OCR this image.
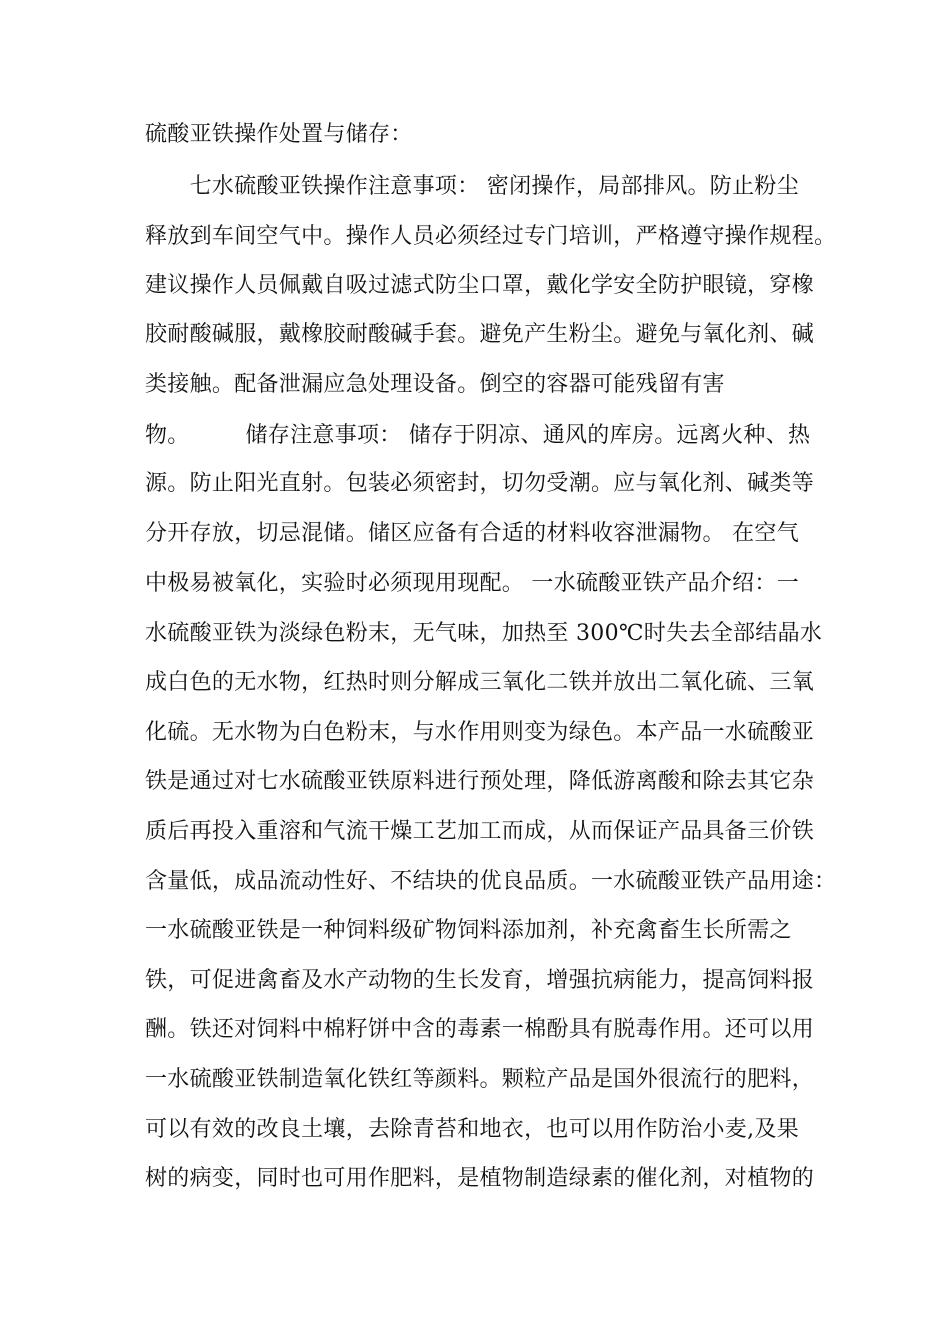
硫酸亚铁操作处置与储存：
　　七水硫酸亚铁操作注意事项： 密闭操作，局部排风。防止粉尘
释放到车间空气中。操作人员必须经过专门培训，严格遵守操作规程。
建议操作人员佩戴自吸过滤式防尘口罩，戴化学安全防护眼镜，穿橡
胶耐酸碱服，戴橡胶耐酸碱手套。避免产生粉尘。避免与氧化剂、碱
类接触。配备泄漏应急处理设备。倒空的容器可能残留有害
物。　　　储存注意事项： 储存于阴凉、通风的库房。远离火种、热
源。防止阳光直射。包装必须密封，切勿受潮。应与氧化剂、碱类等
分开存放，切忌混储。储区应备有合适的材料收容泄漏物。 在空气
中极易被氧化，实验时必须现用现配。 一水硫酸亚铁产品介绍：一
水硫酸亚铁为淡绿色粉末，无气味，加热至 300℃时失去全部结晶水
成白色的无水物，红热时则分解成三氧化二铁并放出二氧化硫、三氧
化硫。无水物为白色粉末，与水作用则变为绿色。本产品一水硫酸亚
铁是通过对七水硫酸亚铁原料进行预处理，降低游离酸和除去其它杂
质后再投入重溶和气流干燥工艺加工而成，从而保证产品具备三价铁
含量低，成品流动性好、不结块的优良品质。一水硫酸亚铁产品用途：
一水硫酸亚铁是一种饲料级矿物饲料添加剂，补充禽畜生长所需之
铁，可促进禽畜及水产动物的生长发育，增强抗病能力，提高饲料报
酬。铁还对饲料中棉籽饼中含的毒素一棉酚具有脱毒作用。还可以用
一水硫酸亚铁制造氧化铁红等颜料。颗粒产品是国外很流行的肥料，
可以有效的改良土壤，去除青苔和地衣，也可以用作防治小麦,及果
树的病变，同时也可用作肥料，是植物制造绿素的催化剂，对植物的
